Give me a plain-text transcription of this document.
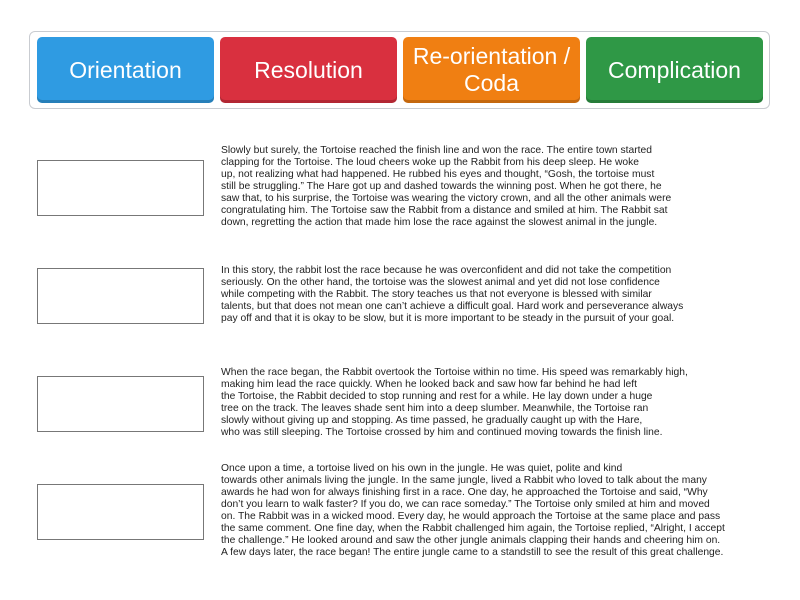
Orientation	Resolution
Re-orientation / Coda
Complication

Slowly but surely, the Tortoise reached the finish line and won the race. The entire town started
clapping for the Tortoise. The loud cheers woke up the Rabbit from his deep sleep. He woke
up, not realizing what had happened. He rubbed his eyes and thought, “Gosh, the tortoise must
still be struggling.” The Hare got up and dashed towards the winning post. When he got there, he
saw that, to his surprise, the Tortoise was wearing the victory crown, and all the other animals were
congratulating him. The Tortoise saw the Rabbit from a distance and smiled at him. The Rabbit sat
down, regretting the action that made him lose the race against the slowest animal in the jungle.

In this story, the rabbit lost the race because he was overconfident and did not take the competition
seriously. On the other hand, the tortoise was the slowest animal and yet did not lose confidence
while competing with the Rabbit. The story teaches us that not everyone is blessed with similar
talents, but that does not mean one can’t achieve a difficult goal. Hard work and perseverance always
pay off and that it is okay to be slow, but it is more important to be steady in the pursuit of your goal.

When the race began, the Rabbit overtook the Tortoise within no time. His speed was remarkably high,
making him lead the race quickly. When he looked back and saw how far behind he had left
the Tortoise, the Rabbit decided to stop running and rest for a while. He lay down under a huge
tree on the track. The leaves shade sent him into a deep slumber. Meanwhile, the Tortoise ran
slowly without giving up and stopping. As time passed, he gradually caught up with the Hare,
who was still sleeping. The Tortoise crossed by him and continued moving towards the finish line.

Once upon a time, a tortoise lived on his own in the jungle. He was quiet, polite and kind
towards other animals living the jungle. In the same jungle, lived a Rabbit who loved to talk about the many
awards he had won for always finishing first in a race. One day, he approached the Tortoise and said, “Why
don’t you learn to walk faster? If you do, we can race someday.” The Tortoise only smiled at him and moved
on. The Rabbit was in a wicked mood. Every day, he would approach the Tortoise at the same place and pass
the same comment. One fine day, when the Rabbit challenged him again, the Tortoise replied, “Alright, I accept
the challenge.” He looked around and saw the other jungle animals clapping their hands and cheering him on.
A few days later, the race began! The entire jungle came to a standstill to see the result of this great challenge.
